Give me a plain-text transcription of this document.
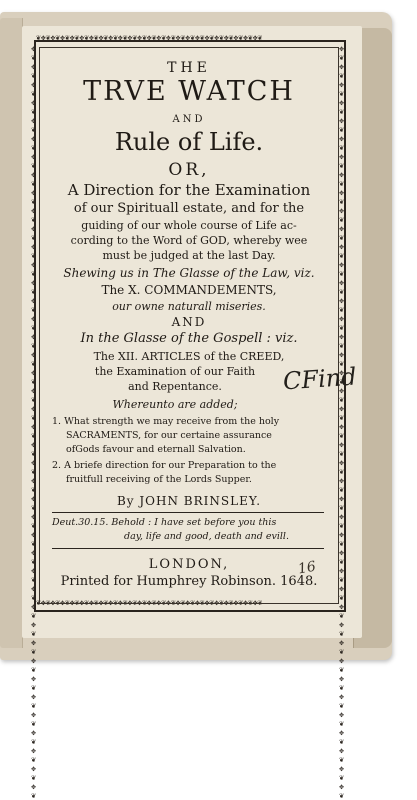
❦✥❦✥❦✥❦✥❦✥❦✥❦✥❦✥❦✥❦✥❦✥❦✥❦✥❦✥❦✥❦✥❦✥❦✥❦✥❦✥❦✥❦✥❦✥❦
❦✥❦✥❦✥❦✥❦✥❦✥❦✥❦✥❦✥❦✥❦✥❦✥❦✥❦✥❦✥❦✥❦✥❦✥❦✥❦✥❦✥❦✥❦✥❦
✥❦✥❦✥❦✥❦✥❦✥❦✥❦✥❦✥❦✥❦✥❦✥❦✥❦✥❦✥❦✥❦✥❦✥❦✥❦✥❦✥❦✥❦✥❦✥❦✥❦✥❦✥❦✥❦✥❦✥❦✥❦✥❦✥❦✥❦✥❦✥❦✥❦✥❦✥❦✥❦✥❦✥❦	✥❦✥❦✥❦✥❦✥❦✥❦✥❦✥❦✥❦✥❦✥❦✥❦✥❦✥❦✥❦✥❦✥❦✥❦✥❦✥❦✥❦✥❦✥❦✥❦✥❦✥❦✥❦✥❦✥❦✥❦✥❦✥❦✥❦✥❦✥❦✥❦✥❦✥❦✥❦✥❦✥❦✥❦
THE
TRVE WATCH
AND
Rule of Life.
OR,
A Direction for the Examination
of our Spirituall estate, and for the
guiding of our whole course of Life ac-
cording to the Word of GOD, whereby wee
must be judged at the last Day.
Shewing us in The Glasse of the Law, viz.
The X. COMMANDEMENTS,
our owne naturall miseries.
AND
In the Glasse of the Gospell : viz.
The XII. ARTICLES of the CREED,
the Examination of our Faith
and Repentance.
Whereunto are added;
1. What strength we may receive from the holy
SACRAMENTS, for our certaine assurance
ofGods favour and eternall Salvation.
2. A briefe direction for our Preparation to the
fruitfull receiving of the Lords Supper.
By JOHN BRINSLEY.
Deut.30.15. Behold : I have set before you this
day, life and good, death and evill.
LONDON,
Printed for Humphrey Robinson. 1648.
CFind
16
